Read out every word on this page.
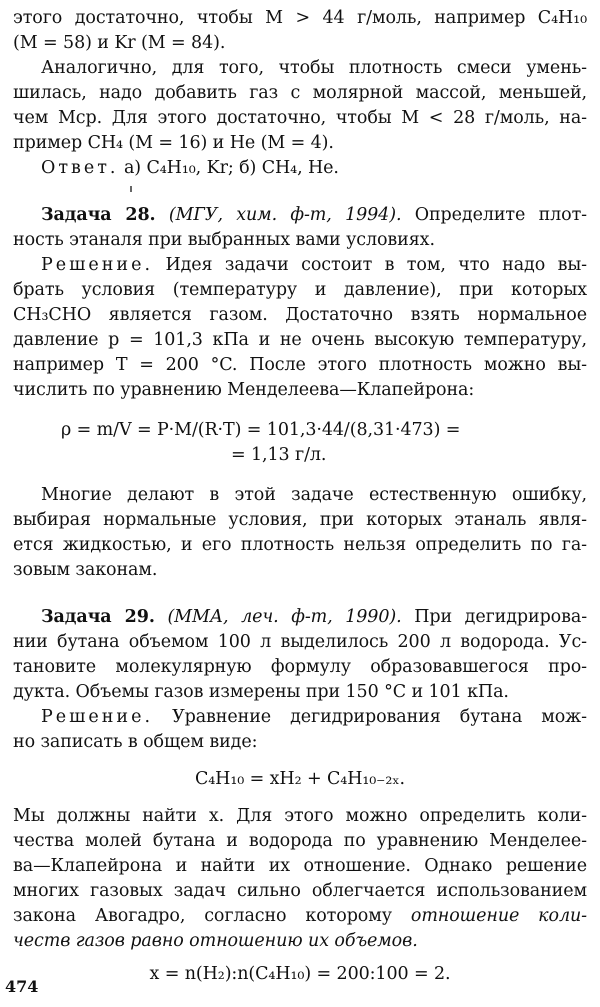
этого достаточно, чтобы M > 44 г/моль, например C₄H₁₀
(M = 58) и Kr (M = 84).
Аналогично, для того, чтобы плотность смеси умень-
шилась, надо добавить газ с молярной массой, меньшей,
чем Mср. Для этого достаточно, чтобы M < 28 г/моль, на-
пример CH₄ (M = 16) и He (M = 4).
Ответ. а) C₄H₁₀, Kr; б) CH₄, He.
Задача 28. (МГУ, хим. ф-т, 1994). Определите плот-
ность этаналя при выбранных вами условиях.
Решение. Идея задачи состоит в том, что надо вы-
брать условия (температуру и давление), при которых
CH₃CHO является газом. Достаточно взять нормальное
давление p = 101,3 кПа и не очень высокую температуру,
например T = 200 °C. После этого плотность можно вы-
числить по уравнению Менделеева—Клапейрона:
ρ = m/V = P·M/(R·T) = 101,3·44/(8,31·473) =
= 1,13 г/л.
Многие делают в этой задаче естественную ошибку,
выбирая нормальные условия, при которых этаналь явля-
ется жидкостью, и его плотность нельзя определить по га-
зовым законам.
Задача 29. (ММА, леч. ф-т, 1990). При дегидрирова-
нии бутана объемом 100 л выделилось 200 л водорода. Ус-
тановите молекулярную формулу образовавшегося про-
дукта. Объемы газов измерены при 150 °C и 101 кПа.
Решение. Уравнение дегидрирования бутана мож-
но записать в общем виде:
C₄H₁₀ = xH₂ + C₄H₁₀₋₂ₓ.
Мы должны найти x. Для этого можно определить коли-
чества молей бутана и водорода по уравнению Менделее-
ва—Клапейрона и найти их отношение. Однако решение
многих газовых задач сильно облегчается использованием
закона Авогадро, согласно которому отношение коли-
честв газов равно отношению их объемов.
x = n(H₂):n(C₄H₁₀) = 200:100 = 2.
474
